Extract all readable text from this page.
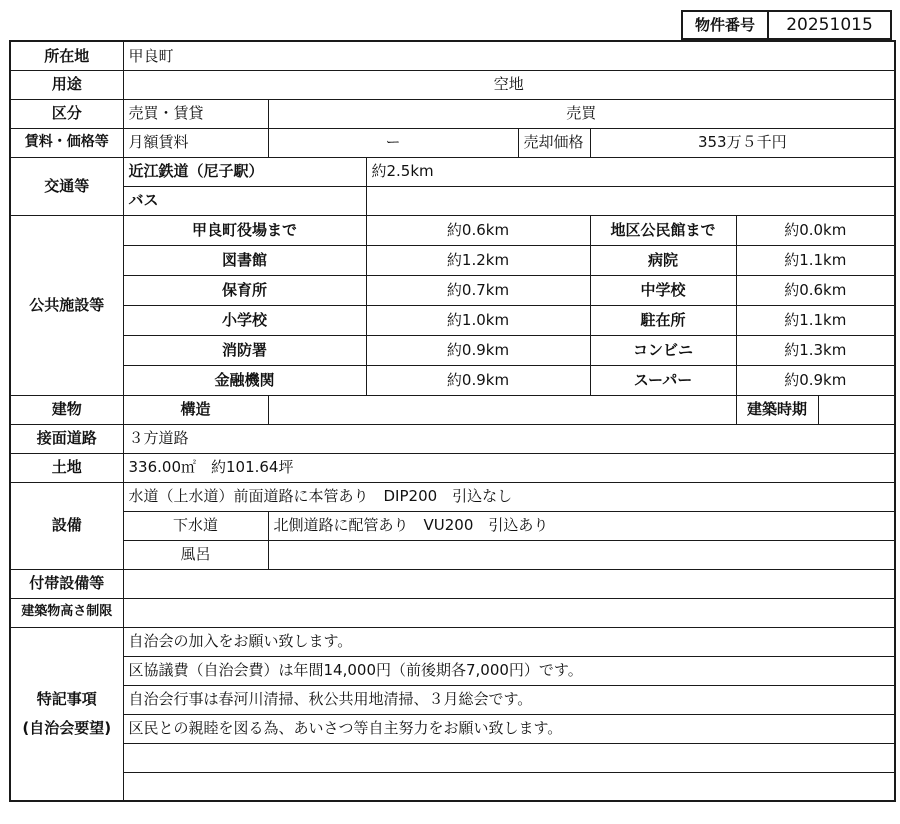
物件番号	20251015
所在地	甲良町						
用途	空地						
区分	売買・賃貸	売買					
賃料・価格等	月額賃料	ー		売却価格	353万５千円		
交通等	近江鉄道（尼子駅）		約2.5km				
	バス						
公共施設等	甲良町役場まで		約0.6km		地区公民館まで	約0.0km	
	図書館		約1.2km		病院	約1.1km	
	保育所		約0.7km		中学校	約0.6km	
	小学校		約1.0km		駐在所	約1.1km	
	消防署		約0.9km		コンビニ	約1.3km	
	金融機関		約0.9km		スーパー	約0.9km	
建物	構造					建築時期	
接面道路	３方道路						
土地	336.00㎡　約101.64坪						
設備	水道（上水道）前面道路に本管あり　DIP200　引込なし						
	下水道	北側道路に配管あり　VU200　引込あり					
	風呂						
付帯設備等							
建築物高さ制限							
特記事項
(自治会要望)	自治会の加入をお願い致します。						
	区協議費（自治会費）は年間14,000円（前後期各7,000円）です。						
	自治会行事は春河川清掃、秋公共用地清掃、３月総会です。						
	区民との親睦を図る為、あいさつ等自主努力をお願い致します。						
